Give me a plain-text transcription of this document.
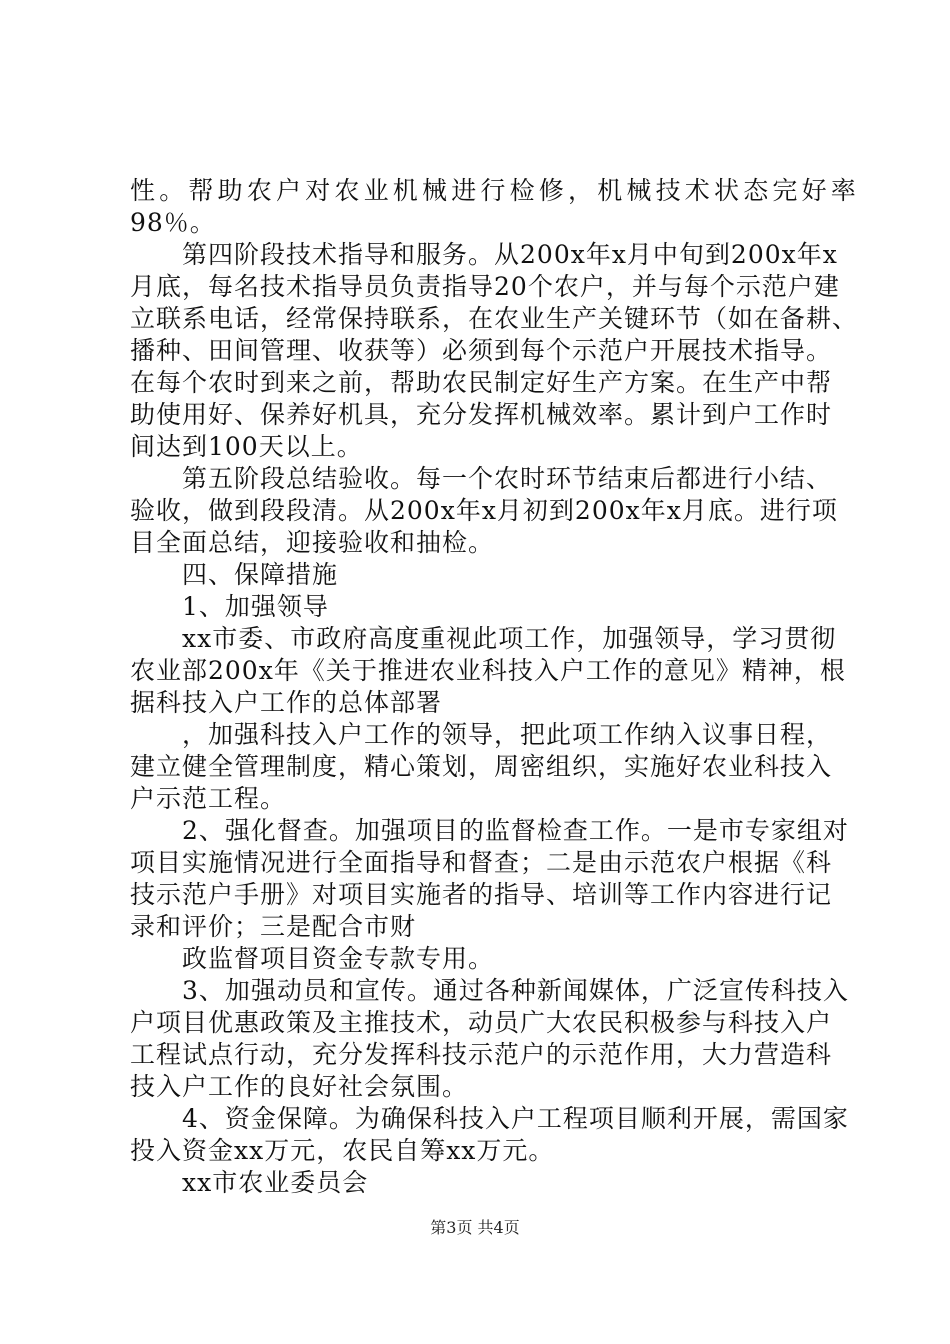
性。帮助农户对农业机械进行检修，机械技术状态完好率
98％。
第四阶段技术指导和服务。从200x年x月中旬到200x年x
月底，每名技术指导员负责指导20个农户，并与每个示范户建
立联系电话，经常保持联系，在农业生产关键环节（如在备耕、
播种、田间管理、收获等）必须到每个示范户开展技术指导。
在每个农时到来之前，帮助农民制定好生产方案。在生产中帮
助使用好、保养好机具，充分发挥机械效率。累计到户工作时
间达到100天以上。
第五阶段总结验收。每一个农时环节结束后都进行小结、
验收，做到段段清。从200x年x月初到200x年x月底。进行项
目全面总结，迎接验收和抽检。
四、保障措施
1、加强领导
xx市委、市政府高度重视此项工作，加强领导，学习贯彻
农业部200x年《关于推进农业科技入户工作的意见》精神，根
据科技入户工作的总体部署
，加强科技入户工作的领导，把此项工作纳入议事日程，
建立健全管理制度，精心策划，周密组织，实施好农业科技入
户示范工程。
2、强化督查。加强项目的监督检查工作。一是市专家组对
项目实施情况进行全面指导和督查；二是由示范农户根据《科
技示范户手册》对项目实施者的指导、培训等工作内容进行记
录和评价；三是配合市财
政监督项目资金专款专用。
3、加强动员和宣传。通过各种新闻媒体，广泛宣传科技入
户项目优惠政策及主推技术，动员广大农民积极参与科技入户
工程试点行动，充分发挥科技示范户的示范作用，大力营造科
技入户工作的良好社会氛围。
4、资金保障。为确保科技入户工程项目顺利开展，需国家
投入资金xx万元，农民自筹xx万元。
xx市农业委员会
第3页 共4页
